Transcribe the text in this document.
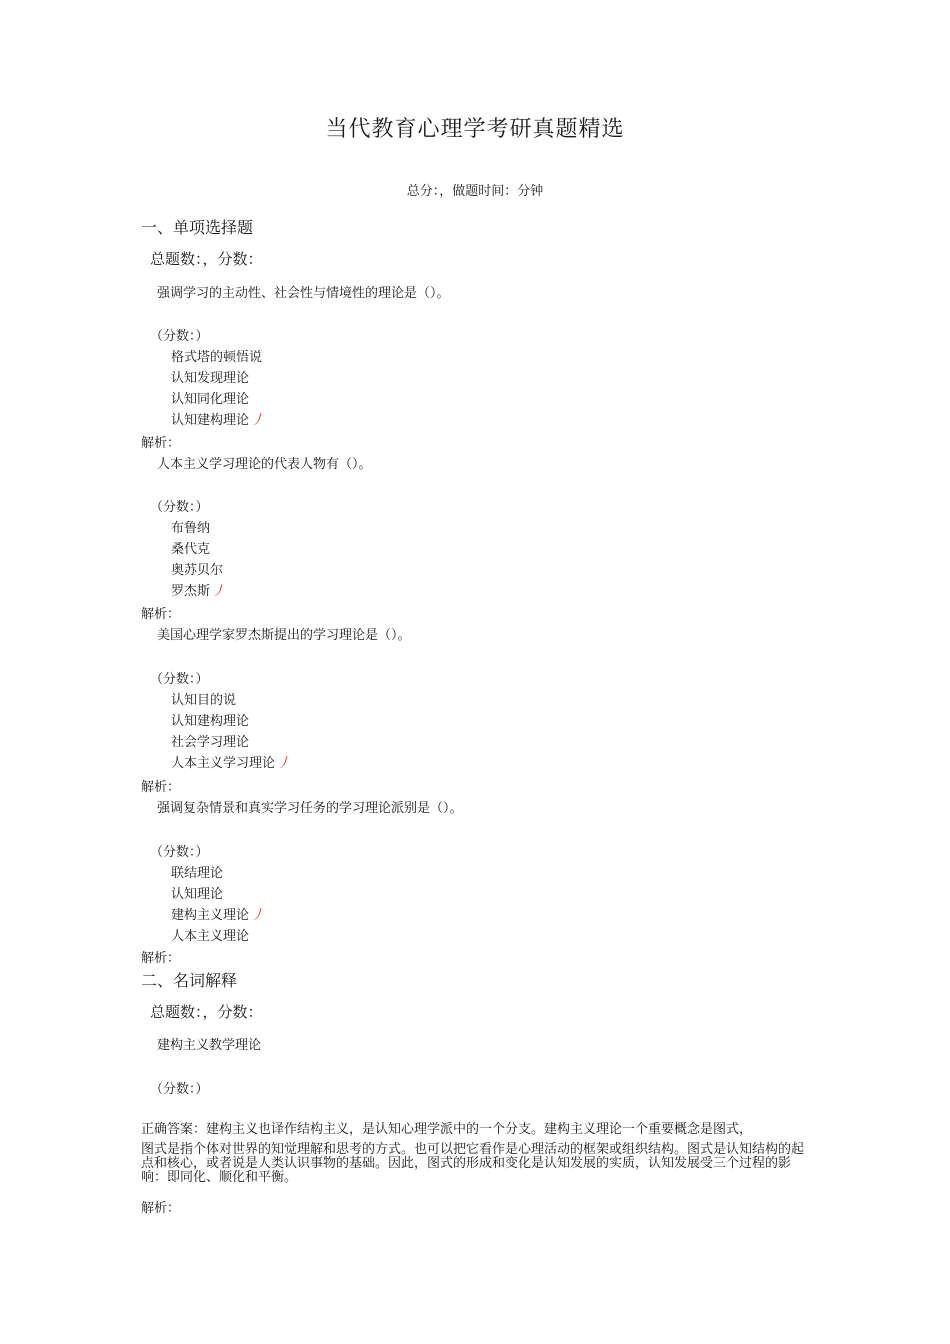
当代教育心理学考研真题精选
总分：，做题时间：分钟
一、单项选择题
总题数：，分数：
强调学习的主动性、社会性与情境性的理论是（）。
（分数：）
格式塔的顿悟说
认知发现理论
认知同化理论
认知建构理论 丿
解析：
人本主义学习理论的代表人物有（）。
（分数：）
布鲁纳
桑代克
奥苏贝尔
罗杰斯 丿
解析：
美国心理学家罗杰斯提出的学习理论是（）。
（分数：）
认知目的说
认知建构理论
社会学习理论
人本主义学习理论 丿
解析：
强调复杂情景和真实学习任务的学习理论派别是（）。
（分数：）
联结理论
认知理论
建构主义理论 丿
人本主义理论
解析：
二、名词解释
总题数：，分数：
建构主义教学理论
（分数：）
正确答案：建构主义也译作结构主义，是认知心理学派中的一个分支。建构主义理论一个重要概念是图式，
图式是指个体对世界的知觉理解和思考的方式。也可以把它看作是心理活动的框架或组织结构。图式是认知结构的起点和核心，或者说是人类认识事物的基础。因此，图式的形成和变化是认知发展的实质，认知发展受三个过程的影响：即同化、顺化和平衡。
解析：
